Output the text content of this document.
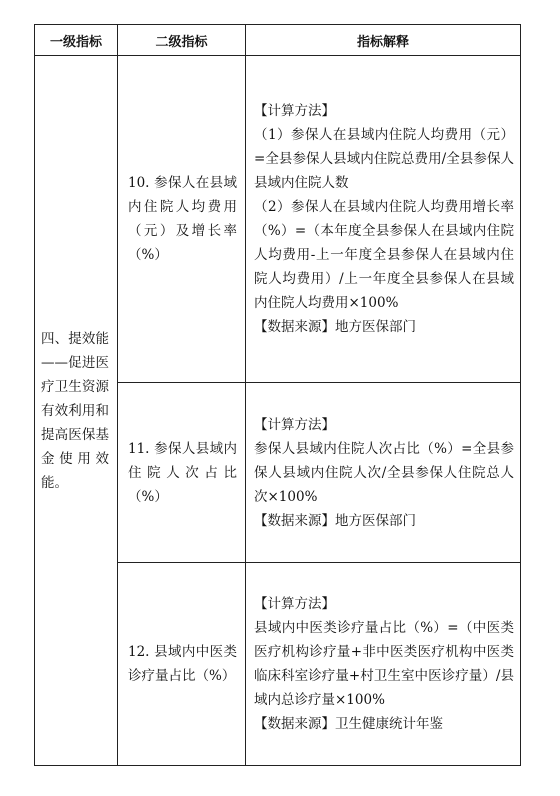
一级指标	二级指标	指标解释
四、提效能——促进医疗卫生资源有效利用和提高医保基金使用效能。	10. 参保人在县域内住院人均费用（元）及增长率（%）	【计算方法】

（1）参保人在县域内住院人均费用（元）=全县参保人县域内住院总费用/全县参保人县域内住院人数

（2）参保人在县域内住院人均费用增长率（%）=（本年度全县参保人在县域内住院人均费用-上一年度全县参保人在县域内住院人均费用）/上一年度全县参保人在县域内住院人均费用×100%

【数据来源】地方医保部门

	11. 参保人县域内住院人次占比（%）	【计算方法】

参保人县域内住院人次占比（%）=全县参保人县域内住院人次/全县参保人住院总人次×100%

【数据来源】地方医保部门

	12. 县域内中医类诊疗量占比（%）	【计算方法】

县域内中医类诊疗量占比（%）=（中医类医疗机构诊疗量+非中医类医疗机构中医类临床科室诊疗量+村卫生室中医诊疗量）/县域内总诊疗量×100%

【数据来源】卫生健康统计年鉴
